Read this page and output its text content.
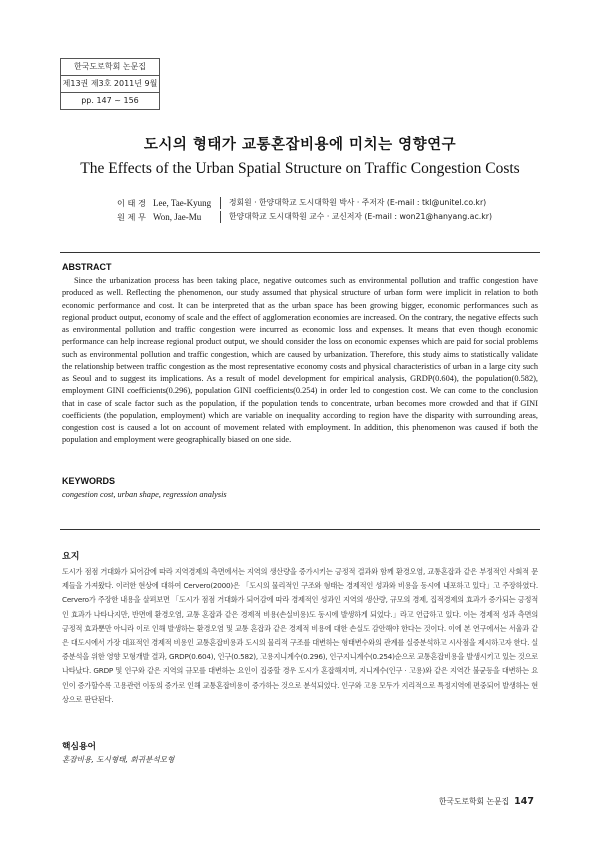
한국도로학회 논문집
제13권 제3호 2011년 9월
pp. 147 ~ 156
도시의 형태가 교통혼잡비용에 미치는 영향연구
The Effects of the Urban Spatial Structure on Traffic Congestion Costs
이 태 경 Lee, Tae-Kyung	정회원 · 한양대학교 도시대학원 박사 · 주저자 (E-mail : tkl@unitel.co.kr)
원 제 무 Won, Jae-Mu	한양대학교 도시대학원 교수 · 교신저자 (E-mail : won21@hanyang.ac.kr)
ABSTRACT

Since the urbanization process has been taking place, negative outcomes such as environmental pollution and traffic congestion have produced as well. Reflecting the phenomenon, our study assumed that physical structure of urban form were implicit in relation to both economic performance and cost. It can be interpreted that as the urban space has been growing bigger, economic performances such as regional product output, economy of scale and the effect of agglomeration economies are increased. On the contrary, the negative effects such as environmental pollution and traffic congestion were incurred as economic loss and expenses. It means that even though economic performance can help increase regional product output, we should consider the loss on economic expenses which are paid for social problems such as environmental pollution and traffic congestion, which are caused by urbanization. Therefore, this study aims to statistically validate the relationship between traffic congestion as the most representative economy costs and physical characteristics of urban in a large city such as Seoul and to suggest its implications. As a result of model development for empirical analysis, GRDP(0.604), the population(0.582), employment GINI coefficients(0.296), population GINI coefficients(0.254) in order led to congestion cost. We can come to the conclusion that in case of scale factor such as the population, if the population tends to concentrate, urban becomes more crowded and that if GINI coefficients (the population, employment) which are variable on inequality according to region have the disparity with surrounding areas, congestion cost is caused a lot on account of movement related with employment. In addition, this phenomenon was caused if both the population and employment were geographically biased on one side.

KEYWORDS
congestion cost, urban shape, regression analysis
요지

도시가 점점 거대화가 되어감에 따라 지역경제의 측면에서는 지역의 생산량을 증가시키는 긍정적 결과와 함께 환경오염, 교통혼잡과 같은 부정적인 사회적 문제들을 가져왔다. 이러한 현상에 대하여 Cervero(2000)은 「도시의 물리적인 구조와 형태는 경제적인 성과와 비용을 동시에 내포하고 있다」고 주장하였다. Cervero가 주장한 내용을 살펴보면 「도시가 점점 거대화가 되어감에 따라 경제적인 성과인 지역의 생산량, 규모의 경제, 집적경제의 효과가 증가되는 긍정적인 효과가 나타나지만, 반면에 환경오염, 교통 혼잡과 같은 경제적 비용(손실비용)도 동시에 발생하게 되었다.」라고 언급하고 있다. 이는 경제적 성과 측면의 긍정적 효과뿐만 아니라 이로 인해 발생하는 환경오염 및 교통 혼잡과 같은 경제적 비용에 대한 손실도 감안해야 한다는 것이다. 이에 본 연구에서는 서울과 같은 대도시에서 가장 대표적인 경제적 비용인 교통혼잡비용과 도시의 물리적 구조를 대변하는 형태변수와의 관계를 실증분석하고 시사점을 제시하고자 한다. 실증분석을 위한 영향 모형개발 결과, GRDP(0.604), 인구(0.582), 고용지니계수(0.296), 인구지니계수(0.254)순으로 교통혼잡비용을 발생시키고 있는 것으로 나타났다. GRDP 및 인구와 같은 지역의 규모를 대변하는 요인이 집중할 경우 도시가 혼잡해지며, 지니계수(인구 · 고용)와 같은 지역간 불균등을 대변하는 요인이 증가할수록 고용관련 이동의 증가로 인해 교통혼잡비용이 증가하는 것으로 분석되었다. 인구와 고용 모두가 지리적으로 특정지역에 편중되어 발생하는 현상으로 판단된다.

핵심용어
혼잡비용, 도시형태, 회귀분석모형
한국도로학회 논문집 147
